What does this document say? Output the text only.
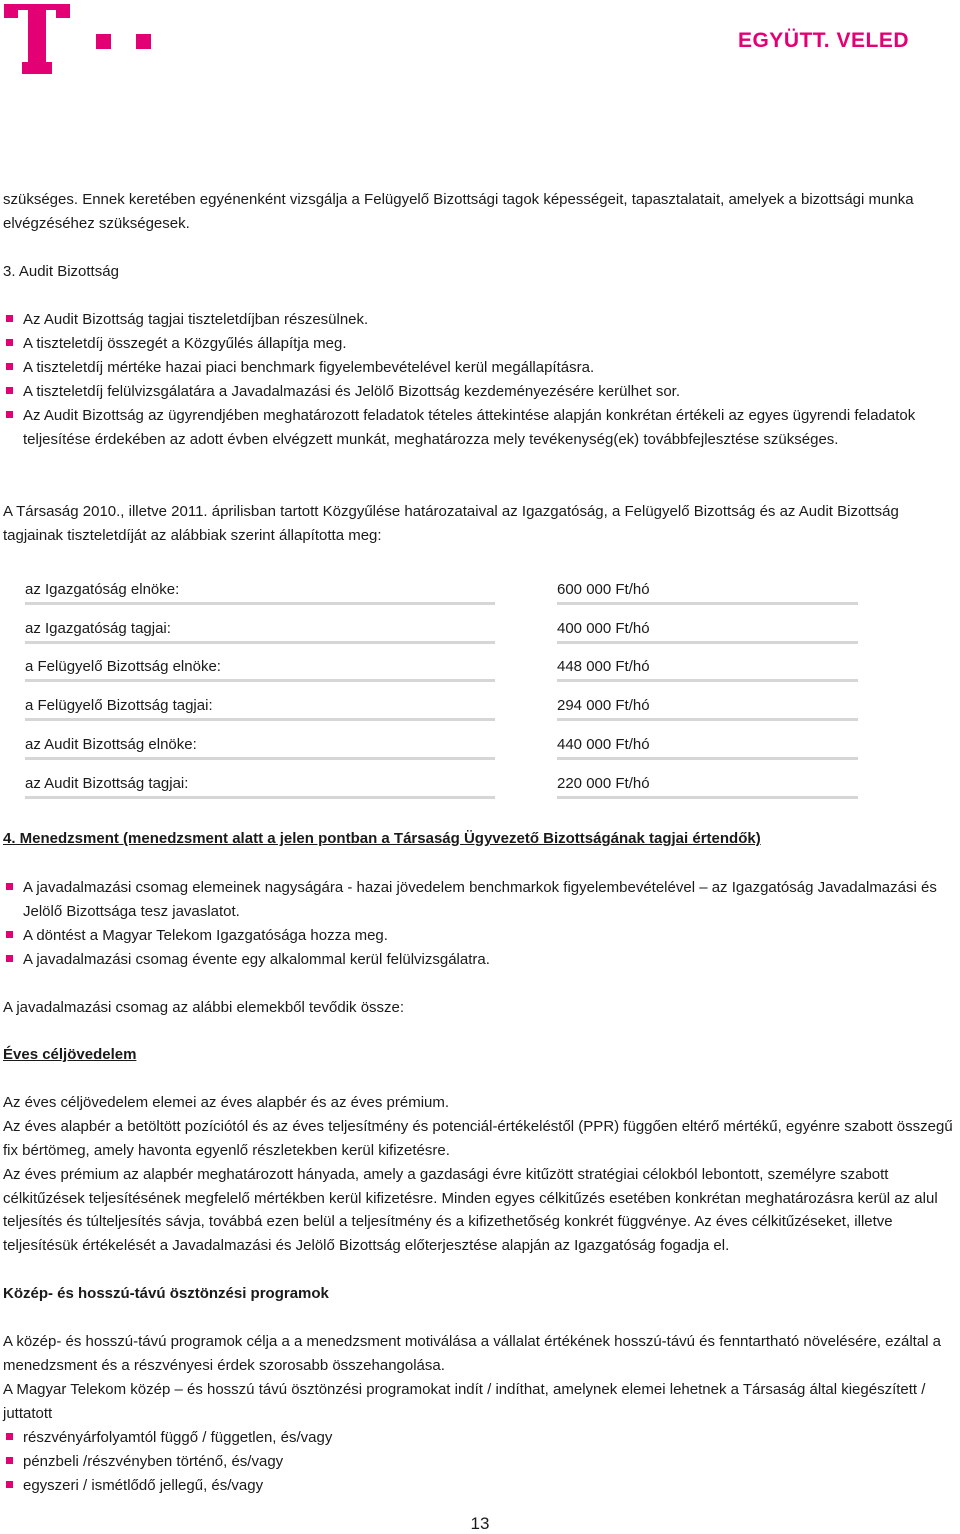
EGYÜTT. VELED

szükséges. Ennek keretében egyénenként vizsgálja a Felügyelő Bizottsági tagok képességeit, tapasztalatait, amelyek a bizottsági munka elvégzéséhez szükségesek.

3. Audit Bizottság
Az Audit Bizottság tagjai tiszteletdíjban részesülnek.
A tiszteletdíj összegét a Közgyűlés állapítja meg.
A tiszteletdíj mértéke hazai piaci benchmark figyelembevételével kerül megállapításra.
A tiszteletdíj felülvizsgálatára a Javadalmazási és Jelölő Bizottság kezdeményezésére kerülhet sor.
Az Audit Bizottság az ügyrendjében meghatározott feladatok tételes áttekintése alapján konkrétan értékeli az egyes ügyrendi feladatok teljesítése érdekében az adott évben elvégzett munkát, meghatározza mely tevékenység(ek) továbbfejlesztése szükséges.

A Társaság 2010., illetve 2011. áprilisban tartott Közgyűlése határozataival az Igazgatóság, a Felügyelő Bizottság és az Audit Bizottság tagjainak tiszteletdíját az alábbiak szerint állapította meg:

az Igazgatóság elnöke:	600 000 Ft/hó
az Igazgatóság tagjai:	400 000 Ft/hó
a Felügyelő Bizottság elnöke:	448 000 Ft/hó
a Felügyelő Bizottság tagjai:	294 000 Ft/hó
az Audit Bizottság elnöke:	440 000 Ft/hó
az Audit Bizottság tagjai:	220 000 Ft/hó
4. Menedzsment (menedzsment alatt a jelen pontban a Társaság Ügyvezető Bizottságának tagjai értendők)
A javadalmazási csomag elemeinek nagyságára - hazai jövedelem benchmarkok figyelembevételével – az Igazgatóság Javadalmazási és Jelölő Bizottsága tesz javaslatot.
A döntést a Magyar Telekom Igazgatósága hozza meg.
A javadalmazási csomag évente egy alkalommal kerül felülvizsgálatra.
A javadalmazási csomag az alábbi elemekből tevődik össze:
Éves céljövedelem

Az éves céljövedelem elemei az éves alapbér és az éves prémium.

Az éves alapbér a betöltött pozíciótól és az éves teljesítmény és potenciál-értékeléstől (PPR) függően eltérő mértékű, egyénre szabott összegű fix bértömeg, amely havonta egyenlő részletekben kerül kifizetésre.

Az éves prémium az alapbér meghatározott hányada, amely a gazdasági évre kitűzött stratégiai célokból lebontott, személyre szabott célkitűzések teljesítésének megfelelő mértékben kerül kifizetésre. Minden egyes célkitűzés esetében konkrétan meghatározásra kerül az alul teljesítés és túlteljesítés sávja, továbbá ezen belül a teljesítmény és a kifizethetőség konkrét függvénye. Az éves célkitűzéseket, illetve teljesítésük értékelését a Javadalmazási és Jelölő Bizottság előterjesztése alapján az Igazgatóság fogadja el.

Közép- és hosszú-távú ösztönzési programok

A közép- és hosszú-távú programok célja a a menedzsment motiválása a vállalat értékének hosszú-távú és fenntartható növelésére, ezáltal a menedzsment és a részvényesi érdek szorosabb összehangolása.

A Magyar Telekom közép – és hosszú távú ösztönzési programokat indít / indíthat, amelynek elemei lehetnek a Társaság által kiegészített / juttatott

részvényárfolyamtól függő / független, és/vagy
pénzbeli /részvényben történő, és/vagy
egyszeri / ismétlődő jellegű, és/vagy
13
